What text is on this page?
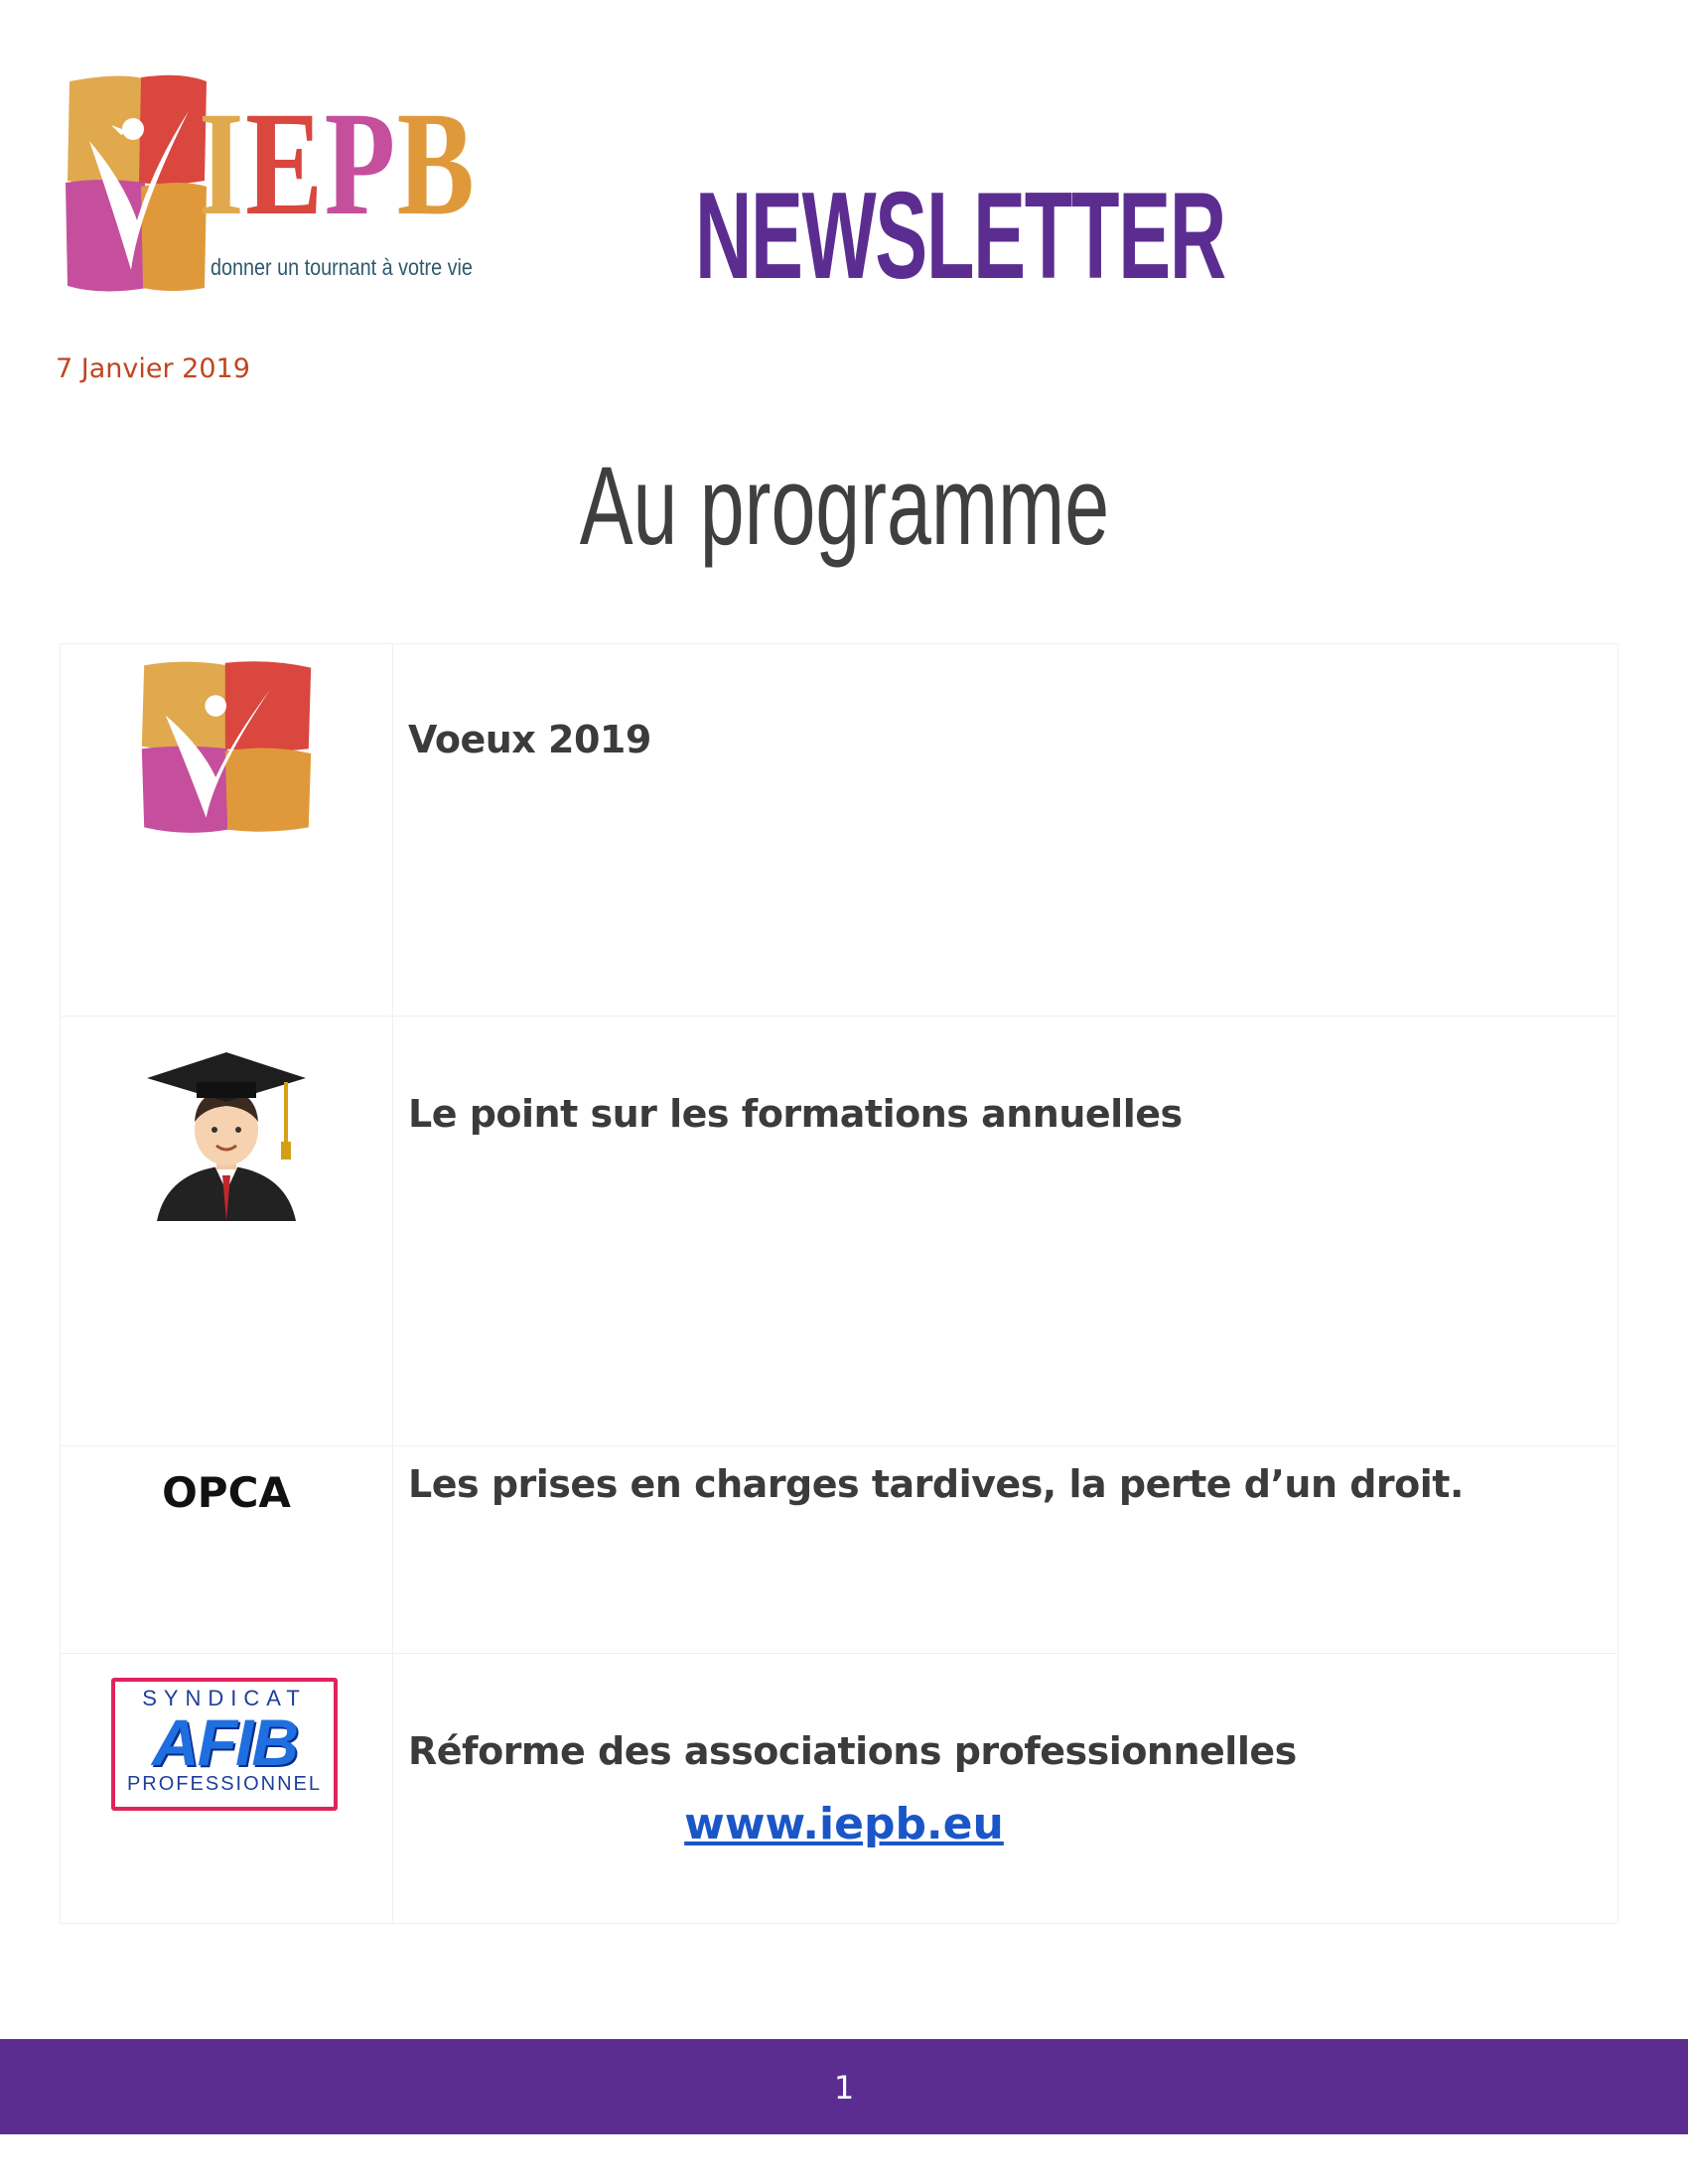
IEPB
donner un tournant à votre vie NEWSLETTER
7 Janvier 2019
Au programme
	Voeux 2019
	Le point sur les formations annuelles

OPCA	Les prises en charges tardives, la perte d’un droit.

SYNDICAT
AFIB
PROFESSIONNEL	Réforme des associations professionnelles
www.iepb.eu
1
